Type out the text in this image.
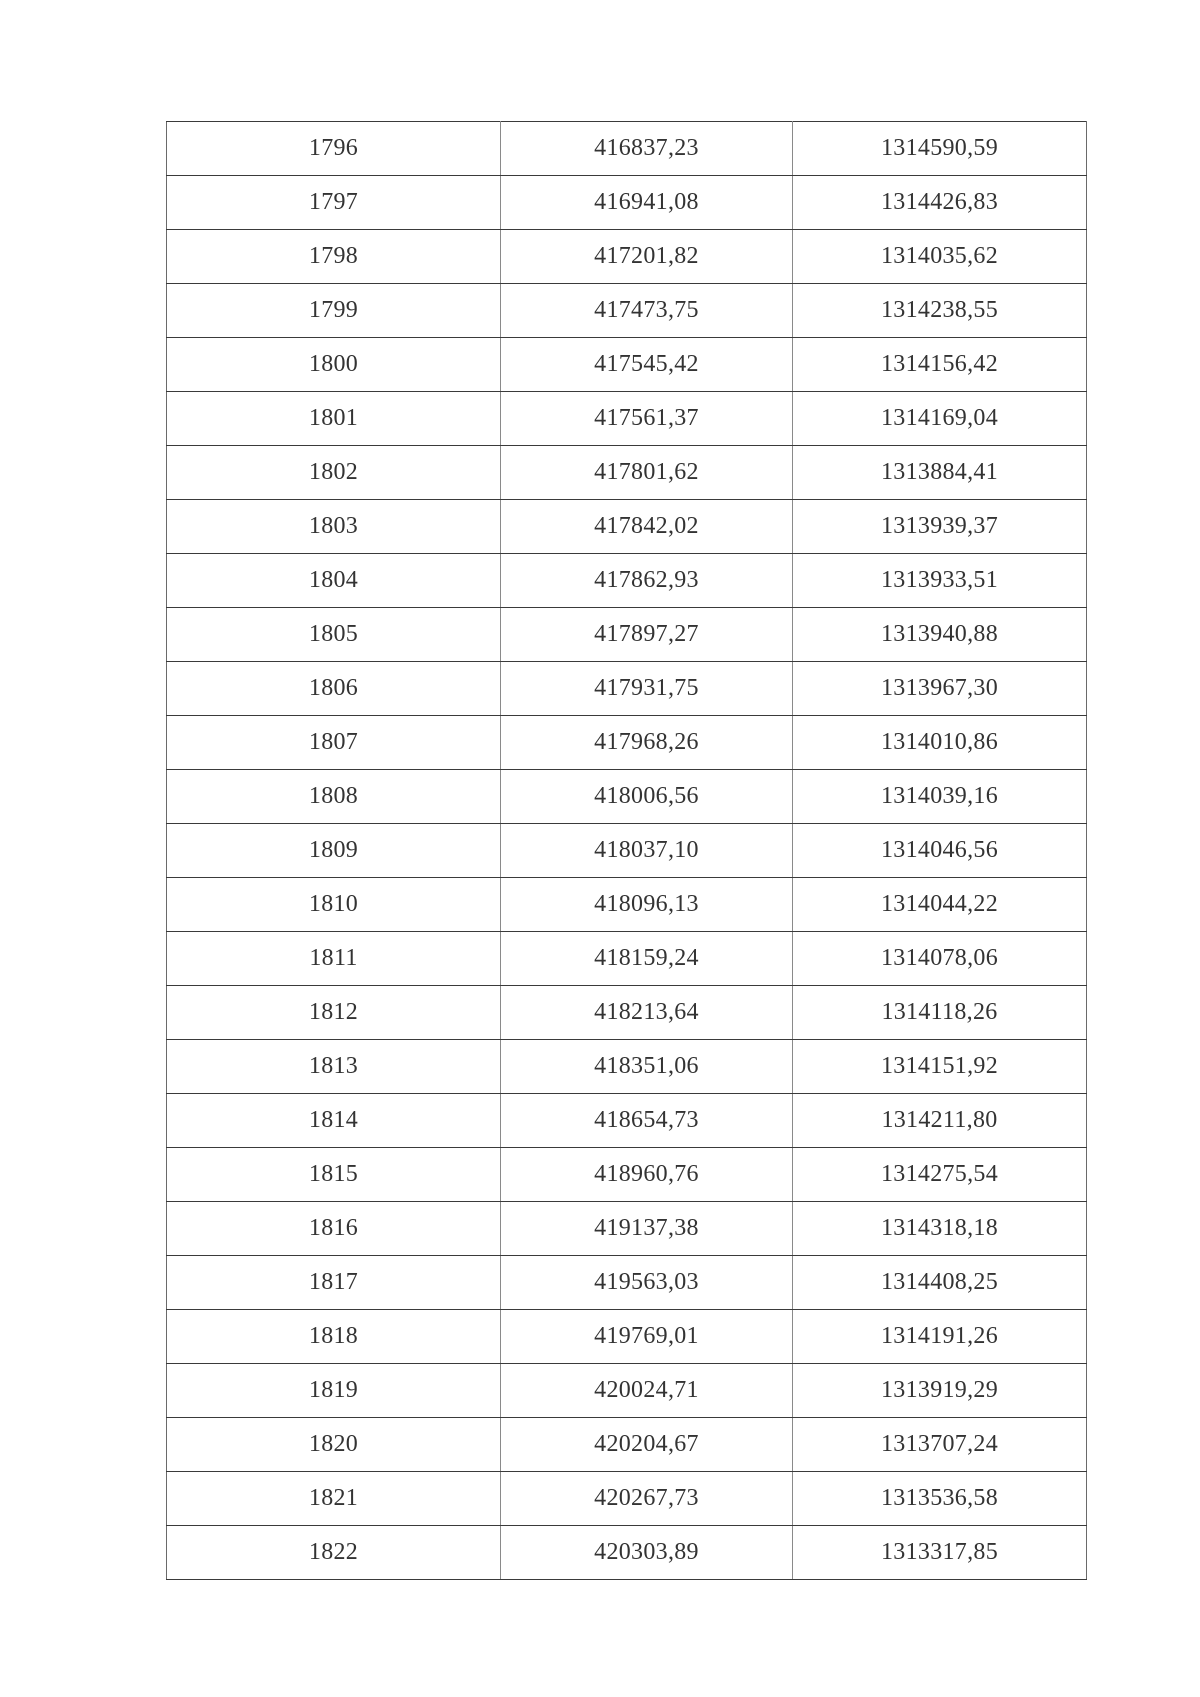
1796	416837,23	1314590,59
1797	416941,08	1314426,83
1798	417201,82	1314035,62
1799	417473,75	1314238,55
1800	417545,42	1314156,42
1801	417561,37	1314169,04
1802	417801,62	1313884,41
1803	417842,02	1313939,37
1804	417862,93	1313933,51
1805	417897,27	1313940,88
1806	417931,75	1313967,30
1807	417968,26	1314010,86
1808	418006,56	1314039,16
1809	418037,10	1314046,56
1810	418096,13	1314044,22
1811	418159,24	1314078,06
1812	418213,64	1314118,26
1813	418351,06	1314151,92
1814	418654,73	1314211,80
1815	418960,76	1314275,54
1816	419137,38	1314318,18
1817	419563,03	1314408,25
1818	419769,01	1314191,26
1819	420024,71	1313919,29
1820	420204,67	1313707,24
1821	420267,73	1313536,58
1822	420303,89	1313317,85
